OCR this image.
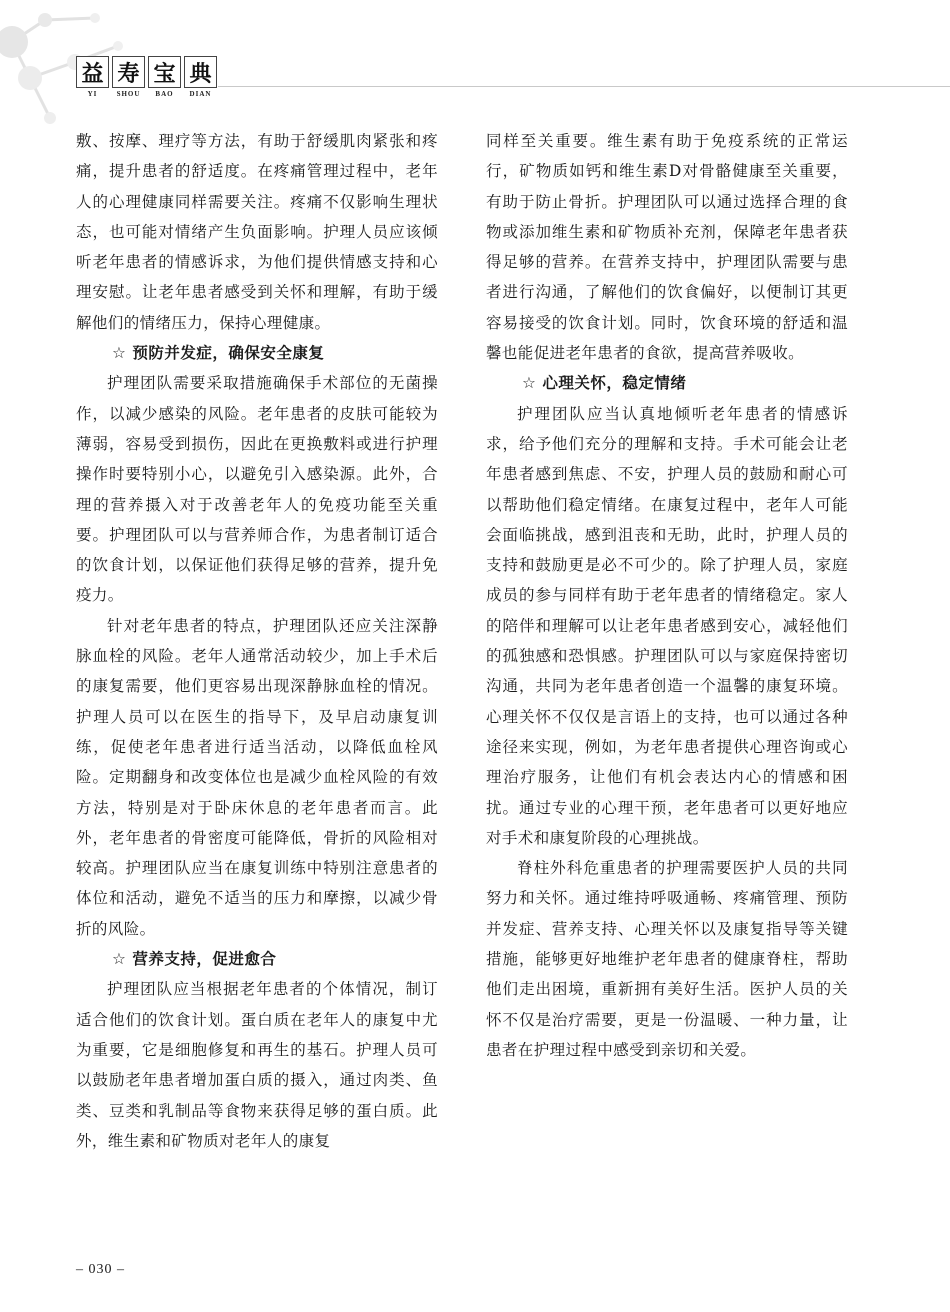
益 寿 宝 典
YI	SHOU	BAO	DIAN

敷、按摩、理疗等方法，有助于舒缓肌肉紧张和疼痛，提升患者的舒适度。在疼痛管理过程中，老年人的心理健康同样需要关注。疼痛不仅影响生理状态，也可能对情绪产生负面影响。护理人员应该倾听老年患者的情感诉求，为他们提供情感支持和心理安慰。让老年患者感受到关怀和理解，有助于缓解他们的情绪压力，保持心理健康。

☆ 预防并发症，确保安全康复

护理团队需要采取措施确保手术部位的无菌操作，以减少感染的风险。老年患者的皮肤可能较为薄弱，容易受到损伤，因此在更换敷料或进行护理操作时要特别小心，以避免引入感染源。此外，合理的营养摄入对于改善老年人的免疫功能至关重要。护理团队可以与营养师合作，为患者制订适合的饮食计划，以保证他们获得足够的营养，提升免疫力。

针对老年患者的特点，护理团队还应关注深静脉血栓的风险。老年人通常活动较少，加上手术后的康复需要，他们更容易出现深静脉血栓的情况。护理人员可以在医生的指导下，及早启动康复训练，促使老年患者进行适当活动，以降低血栓风险。定期翻身和改变体位也是减少血栓风险的有效方法，特别是对于卧床休息的老年患者而言。此外，老年患者的骨密度可能降低，骨折的风险相对较高。护理团队应当在康复训练中特别注意患者的体位和活动，避免不适当的压力和摩擦，以减少骨折的风险。

☆ 营养支持，促进愈合

护理团队应当根据老年患者的个体情况，制订适合他们的饮食计划。蛋白质在老年人的康复中尤为重要，它是细胞修复和再生的基石。护理人员可以鼓励老年患者增加蛋白质的摄入，通过肉类、鱼类、豆类和乳制品等食物来获得足够的蛋白质。此外，维生素和矿物质对老年人的康复

同样至关重要。维生素有助于免疫系统的正常运行，矿物质如钙和维生素D对骨骼健康至关重要，有助于防止骨折。护理团队可以通过选择合理的食物或添加维生素和矿物质补充剂，保障老年患者获得足够的营养。在营养支持中，护理团队需要与患者进行沟通，了解他们的饮食偏好，以便制订其更容易接受的饮食计划。同时，饮食环境的舒适和温馨也能促进老年患者的食欲，提高营养吸收。

☆ 心理关怀，稳定情绪

护理团队应当认真地倾听老年患者的情感诉求，给予他们充分的理解和支持。手术可能会让老年患者感到焦虑、不安，护理人员的鼓励和耐心可以帮助他们稳定情绪。在康复过程中，老年人可能会面临挑战，感到沮丧和无助，此时，护理人员的支持和鼓励更是必不可少的。除了护理人员，家庭成员的参与同样有助于老年患者的情绪稳定。家人的陪伴和理解可以让老年患者感到安心，减轻他们的孤独感和恐惧感。护理团队可以与家庭保持密切沟通，共同为老年患者创造一个温馨的康复环境。心理关怀不仅仅是言语上的支持，也可以通过各种途径来实现，例如，为老年患者提供心理咨询或心理治疗服务，让他们有机会表达内心的情感和困扰。通过专业的心理干预，老年患者可以更好地应对手术和康复阶段的心理挑战。

脊柱外科危重患者的护理需要医护人员的共同努力和关怀。通过维持呼吸通畅、疼痛管理、预防并发症、营养支持、心理关怀以及康复指导等关键措施，能够更好地维护老年患者的健康脊柱，帮助他们走出困境，重新拥有美好生活。医护人员的关怀不仅是治疗需要，更是一份温暖、一种力量，让患者在护理过程中感受到亲切和关爱。

– 030 –
